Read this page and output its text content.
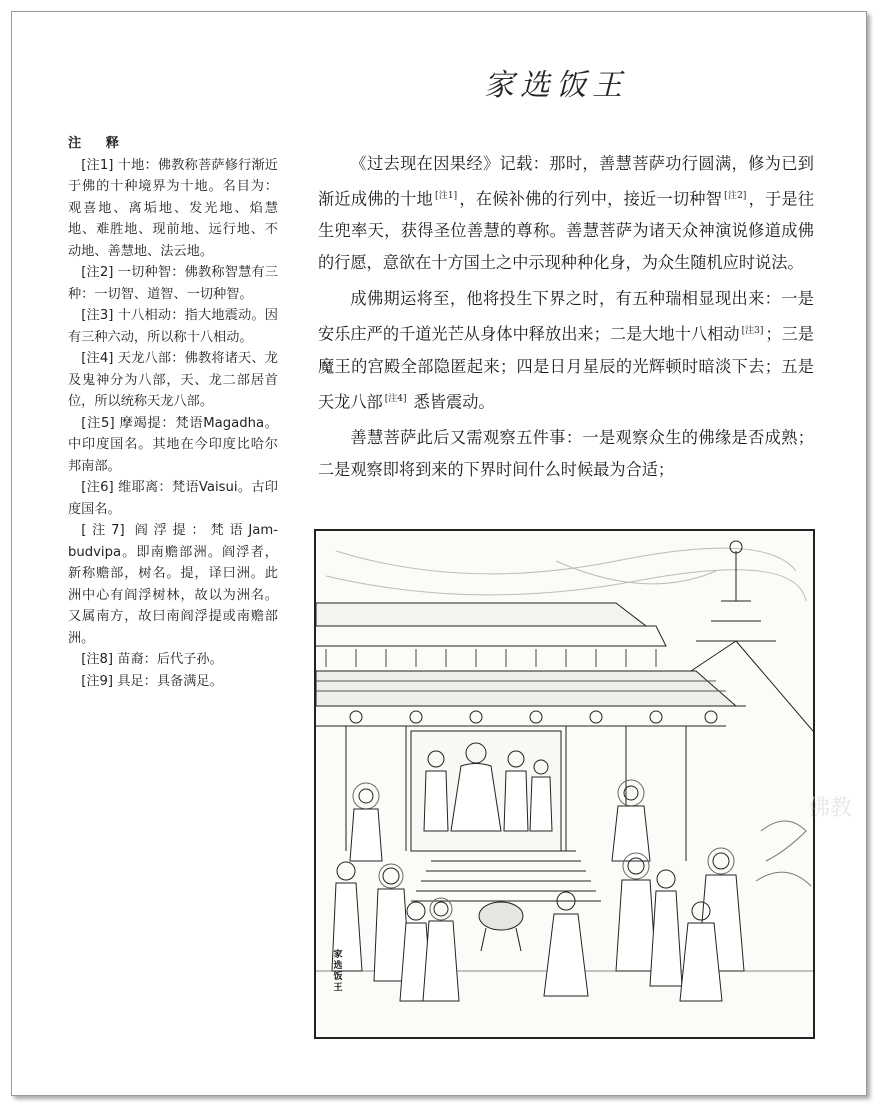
家选饭王
注 释
[注1] 十地：佛教称菩萨修行渐近于佛的十种境界为十地。名目为：观喜地、离垢地、发光地、焰慧地、难胜地、现前地、远行地、不动地、善慧地、法云地。
[注2] 一切种智：佛教称智慧有三种：一切智、道智、一切种智。
[注3] 十八相动：指大地震动。因有三种六动，所以称十八相动。
[注4] 天龙八部：佛教将诸天、龙及鬼神分为八部，天、龙二部居首位，所以统称天龙八部。
[注5] 摩竭提：梵语Magadha。中印度国名。其地在今印度比哈尔邦南部。
[注6] 维耶离：梵语Vaisui。古印度国名。
[注7] 阎浮提：梵语Jam-budvipa。即南赡部洲。阎浮者，新称赡部，树名。提，译曰洲。此洲中心有阎浮树林，故以为洲名。又属南方，故曰南阎浮提或南赡部洲。
[注8] 苗裔：后代子孙。
[注9] 具足：具备满足。

《过去现在因果经》记载：那时，善慧菩萨功行圆满，修为已到渐近成佛的十地 [注1] ，在候补佛的行列中，接近一切种智 [注2] ，于是往生兜率天，获得圣位善慧的尊称。善慧菩萨为诸天众神演说修道成佛的行愿，意欲在十方国土之中示现种种化身，为众生随机应时说法。

成佛期运将至，他将投生下界之时，有五种瑞相显现出来：一是安乐庄严的千道光芒从身体中释放出来；二是大地十八相动 [注3] ；三是魔王的宫殿全部隐匿起来；四是日月星辰的光辉顿时暗淡下去；五是天龙八部 [注4] 悉皆震动。

善慧菩萨此后又需观察五件事：一是观察众生的佛缘是否成熟；二是观察即将到来的下界时间什么时候最为合适；

家选饭王
佛教
